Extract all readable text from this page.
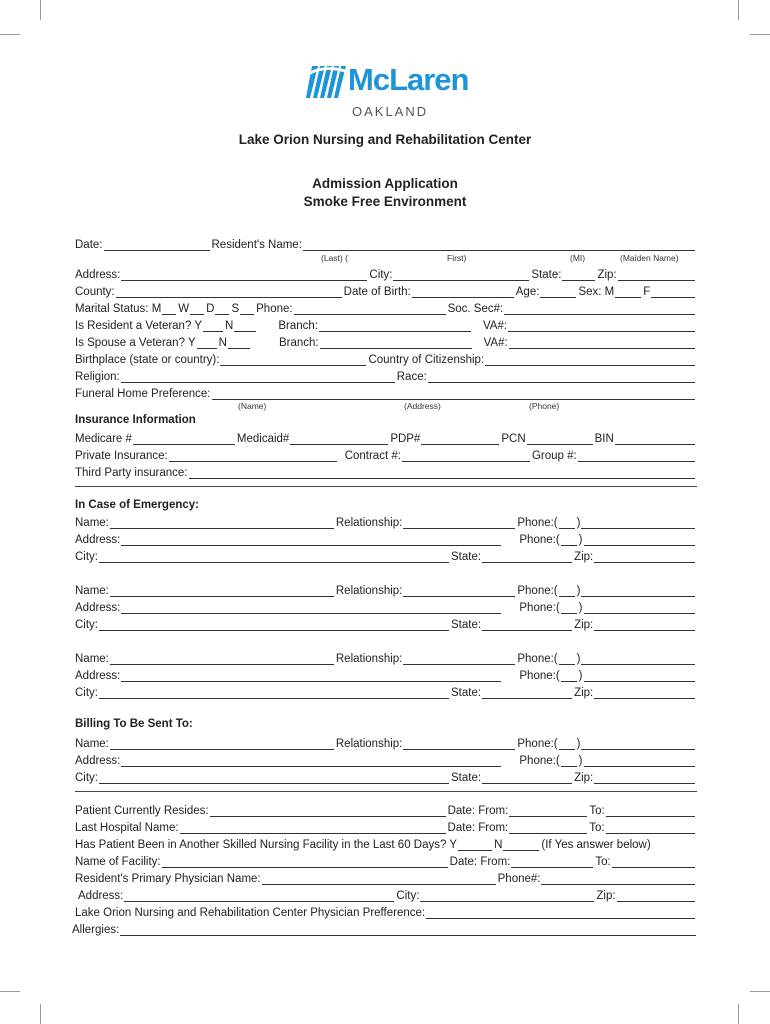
McLaren
OAKLAND
Lake Orion Nursing and Rehabilitation Center
Admission Application
Smoke Free Environment
Date:	Resident's Name:
(Last) (	First)	(MI)	(Maiden Name)
Address:	City:	State:	Zip:
County:	Date of Birth:	Age:	Sex: M	F
Marital Status: M W D S Phone:	Soc. Sec#:
Is Resident a Veteran? Y N	Branch:	VA#:
Is Spouse a Veteran? Y N	Branch:	VA#:
Birthplace (state or country):	Country of Citizenship:
Religion:	Race:
Funeral Home Preference:
(Name)	(Address)	(Phone)
Insurance Information
Medicare #	Medicaid#	PDP#	PCN	BIN
Private Insurance:	Contract #:	Group #:
Third Party insurance:
In Case of Emergency:
Name:	Relationship:	Phone:( )
Address:	Phone:( )
City:	State:	Zip:
Name:	Relationship:	Phone:( )
Address:	Phone:( )
City:	State:	Zip:
Name:	Relationship:	Phone:( )
Address:	Phone:( )
City:	State:	Zip:
Billing To Be Sent To:
Name:	Relationship:	Phone:( )
Address:	Phone:( )
City:	State:	Zip:
Patient Currently Resides:	Date: From:	To:
Last Hospital Name:	Date: From:	To:
Has Patient Been in Another Skilled Nursing Facility in the Last 60 Days? Y	N	(If Yes answer below)
Name of Facility:	Date: From:	To:
Resident's Primary Physician Name:	Phone#:
Address:	City:	Zip:
Lake Orion Nursing and Rehabilitation Center Physician Prefference:
Allergies:
